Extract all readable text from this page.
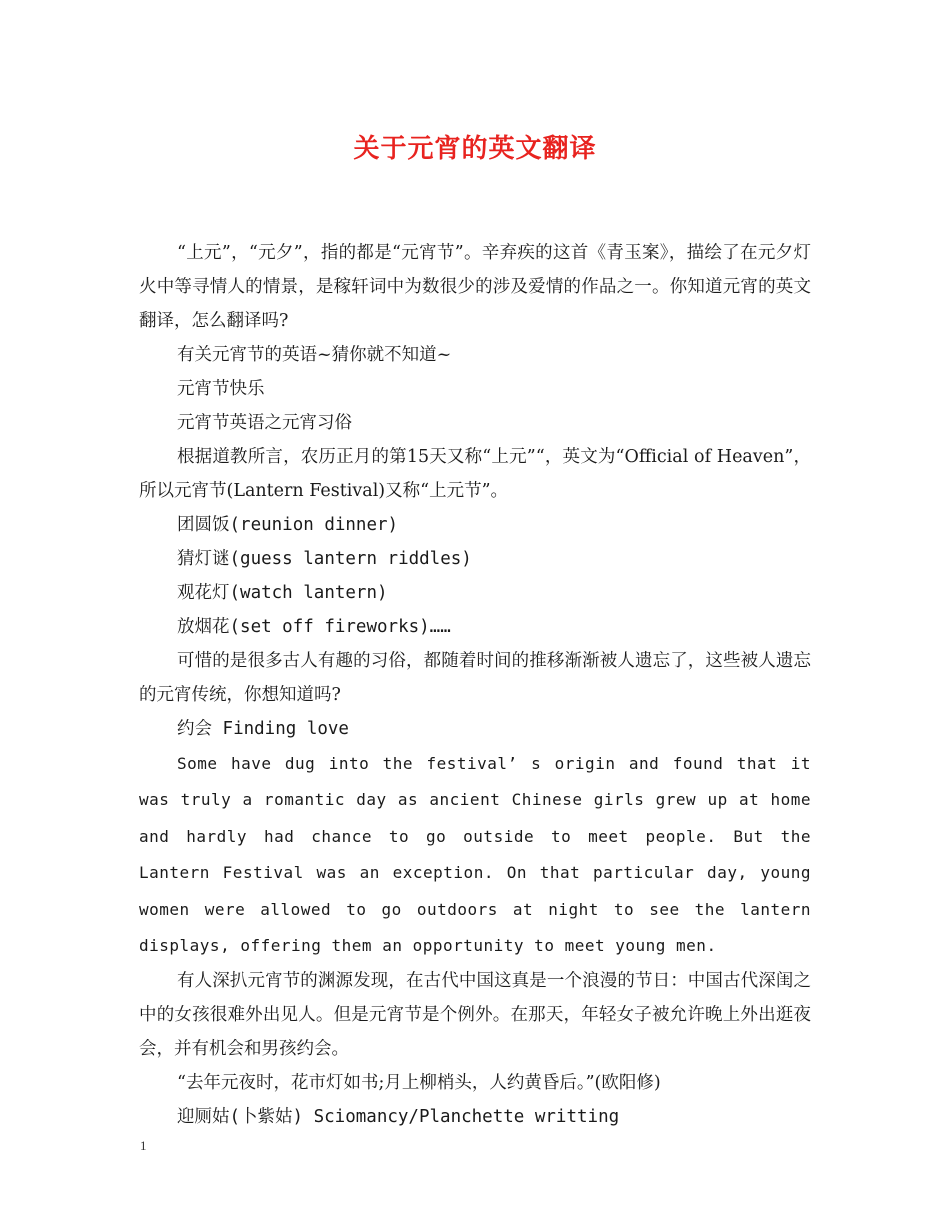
关于元宵的英文翻译

“上元”，“元夕”，指的都是“元宵节”。辛弃疾的这首《青玉案》，描绘了在元夕灯火中等寻情人的情景，是稼轩词中为数很少的涉及爱情的作品之一。你知道元宵的英文翻译，怎么翻译吗?

有关元宵节的英语~猜你就不知道~

元宵节快乐

元宵节英语之元宵习俗

根据道教所言，农历正月的第15天又称“上元”“，英文为“Official of Heaven”，所以元宵节(Lantern Festival)又称“上元节”。

团圆饭(reunion dinner)

猜灯谜(guess lantern riddles)

观花灯(watch lantern)

放烟花(set off fireworks)……

可惜的是很多古人有趣的习俗，都随着时间的推移渐渐被人遗忘了，这些被人遗忘的元宵传统，你想知道吗?

约会 Finding love

Some have dug into the festival’ s origin and found that it was truly a romantic day as ancient Chinese girls grew up at home and hardly had chance to go outside to meet people. But the Lantern Festival was an exception. On that particular day, young women were allowed to go outdoors at night to see the lantern displays, offering them an opportunity to meet young men.

有人深扒元宵节的渊源发现，在古代中国这真是一个浪漫的节日：中国古代深闺之中的女孩很难外出见人。但是元宵节是个例外。在那天，年轻女子被允许晚上外出逛夜会，并有机会和男孩约会。

“去年元夜时，花市灯如书;月上柳梢头，人约黄昏后。”(欧阳修)

迎厕姑(卜紫姑) Sciomancy/Planchette writting

1
